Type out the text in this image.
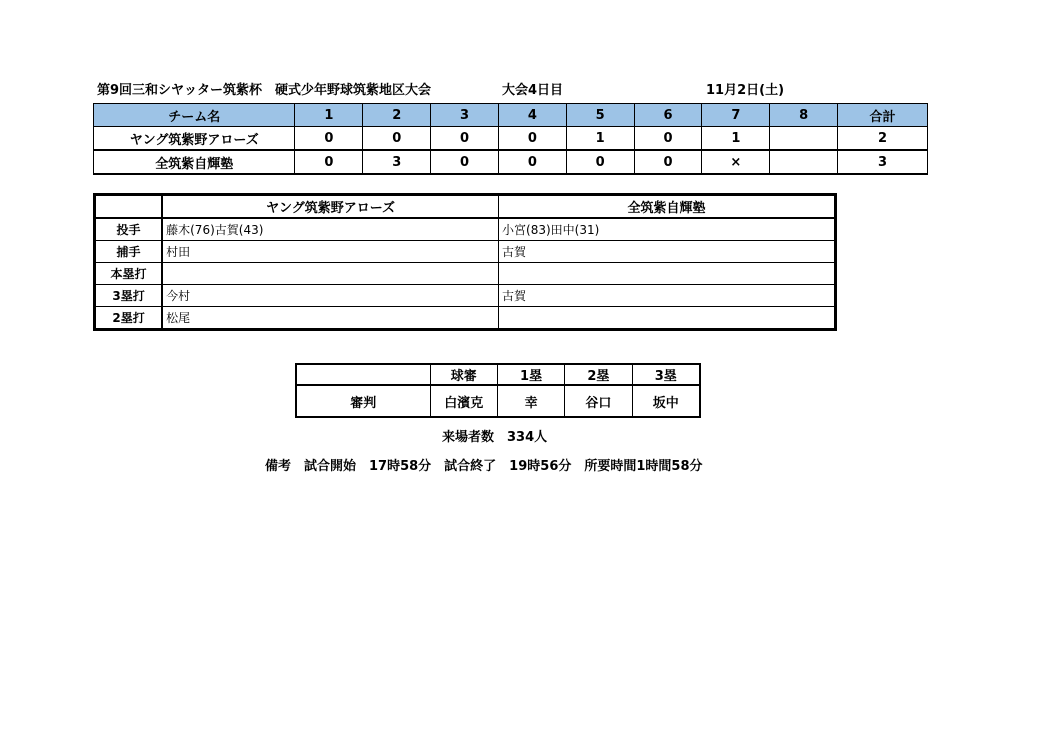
第9回三和シヤッター筑紫杯　硬式少年野球筑紫地区大会	大会4日目	11月2日(土)
チーム名	1	2	3	4	5	6	7	8	合計
ヤング筑紫野アローズ	0	0	0	0	1	0	1		2
全筑紫自輝塾	0	3	0	0	0	0	×		3
	ヤング筑紫野アローズ	全筑紫自輝塾
投手	藤木(76)古賀(43)	小宮(83)田中(31)
捕手	村田	古賀
本塁打		
3塁打	今村	古賀
2塁打	松尾	
	球審	1塁	2塁	3塁
審判	白濱克	幸	谷口	坂中
来場者数　334人
備考　試合開始　17時58分　試合終了　19時56分　所要時間1時間58分
